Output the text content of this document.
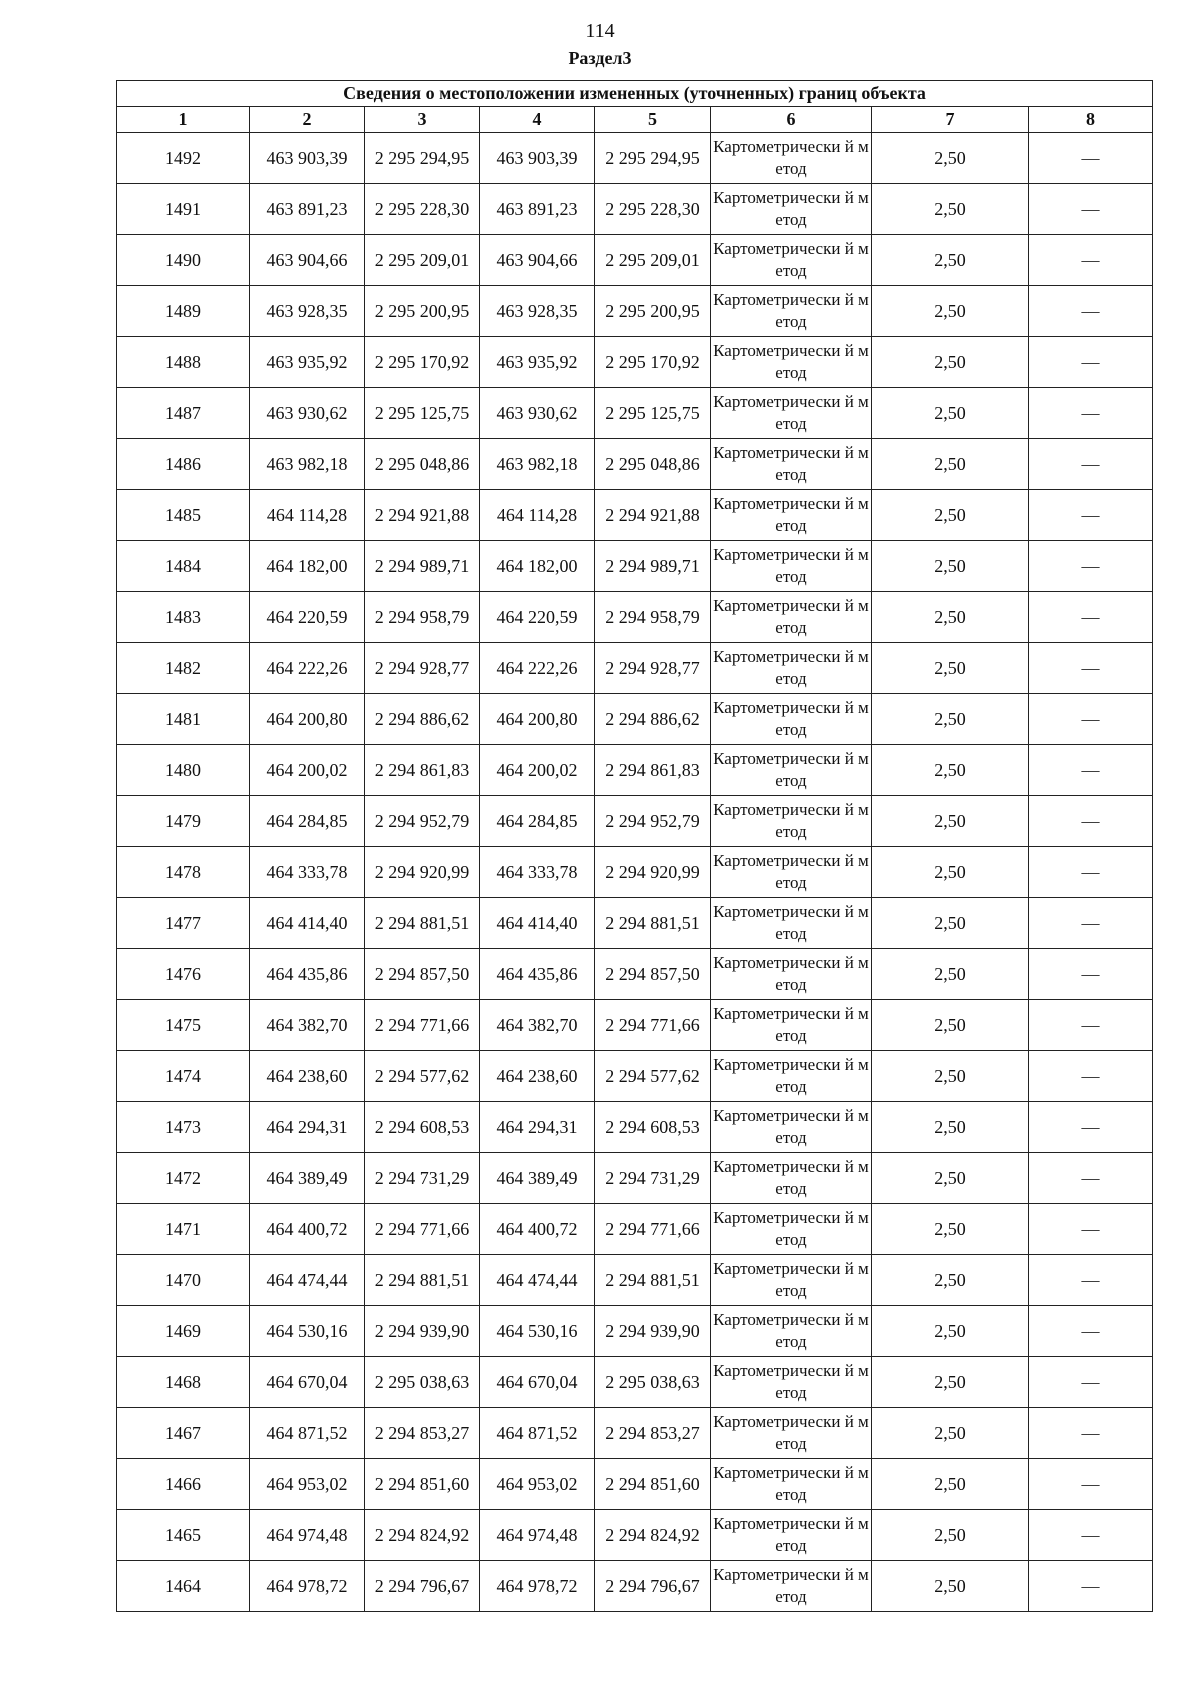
114
Раздел3
Сведения о местоположении измененных (уточненных) границ объекта							
1	2	3	4	5	6	7	8
1492	463 903,39	2 295 294,95	463 903,39	2 295 294,95	Картометрически й метод	2,50	—
1491	463 891,23	2 295 228,30	463 891,23	2 295 228,30	Картометрически й метод	2,50	—
1490	463 904,66	2 295 209,01	463 904,66	2 295 209,01	Картометрически й метод	2,50	—
1489	463 928,35	2 295 200,95	463 928,35	2 295 200,95	Картометрически й метод	2,50	—
1488	463 935,92	2 295 170,92	463 935,92	2 295 170,92	Картометрически й метод	2,50	—
1487	463 930,62	2 295 125,75	463 930,62	2 295 125,75	Картометрически й метод	2,50	—
1486	463 982,18	2 295 048,86	463 982,18	2 295 048,86	Картометрически й метод	2,50	—
1485	464 114,28	2 294 921,88	464 114,28	2 294 921,88	Картометрически й метод	2,50	—
1484	464 182,00	2 294 989,71	464 182,00	2 294 989,71	Картометрически й метод	2,50	—
1483	464 220,59	2 294 958,79	464 220,59	2 294 958,79	Картометрически й метод	2,50	—
1482	464 222,26	2 294 928,77	464 222,26	2 294 928,77	Картометрически й метод	2,50	—
1481	464 200,80	2 294 886,62	464 200,80	2 294 886,62	Картометрически й метод	2,50	—
1480	464 200,02	2 294 861,83	464 200,02	2 294 861,83	Картометрически й метод	2,50	—
1479	464 284,85	2 294 952,79	464 284,85	2 294 952,79	Картометрически й метод	2,50	—
1478	464 333,78	2 294 920,99	464 333,78	2 294 920,99	Картометрически й метод	2,50	—
1477	464 414,40	2 294 881,51	464 414,40	2 294 881,51	Картометрически й метод	2,50	—
1476	464 435,86	2 294 857,50	464 435,86	2 294 857,50	Картометрически й метод	2,50	—
1475	464 382,70	2 294 771,66	464 382,70	2 294 771,66	Картометрически й метод	2,50	—
1474	464 238,60	2 294 577,62	464 238,60	2 294 577,62	Картометрически й метод	2,50	—
1473	464 294,31	2 294 608,53	464 294,31	2 294 608,53	Картометрически й метод	2,50	—
1472	464 389,49	2 294 731,29	464 389,49	2 294 731,29	Картометрически й метод	2,50	—
1471	464 400,72	2 294 771,66	464 400,72	2 294 771,66	Картометрически й метод	2,50	—
1470	464 474,44	2 294 881,51	464 474,44	2 294 881,51	Картометрически й метод	2,50	—
1469	464 530,16	2 294 939,90	464 530,16	2 294 939,90	Картометрически й метод	2,50	—
1468	464 670,04	2 295 038,63	464 670,04	2 295 038,63	Картометрически й метод	2,50	—
1467	464 871,52	2 294 853,27	464 871,52	2 294 853,27	Картометрически й метод	2,50	—
1466	464 953,02	2 294 851,60	464 953,02	2 294 851,60	Картометрически й метод	2,50	—
1465	464 974,48	2 294 824,92	464 974,48	2 294 824,92	Картометрически й метод	2,50	—
1464	464 978,72	2 294 796,67	464 978,72	2 294 796,67	Картометрически й метод	2,50	—
